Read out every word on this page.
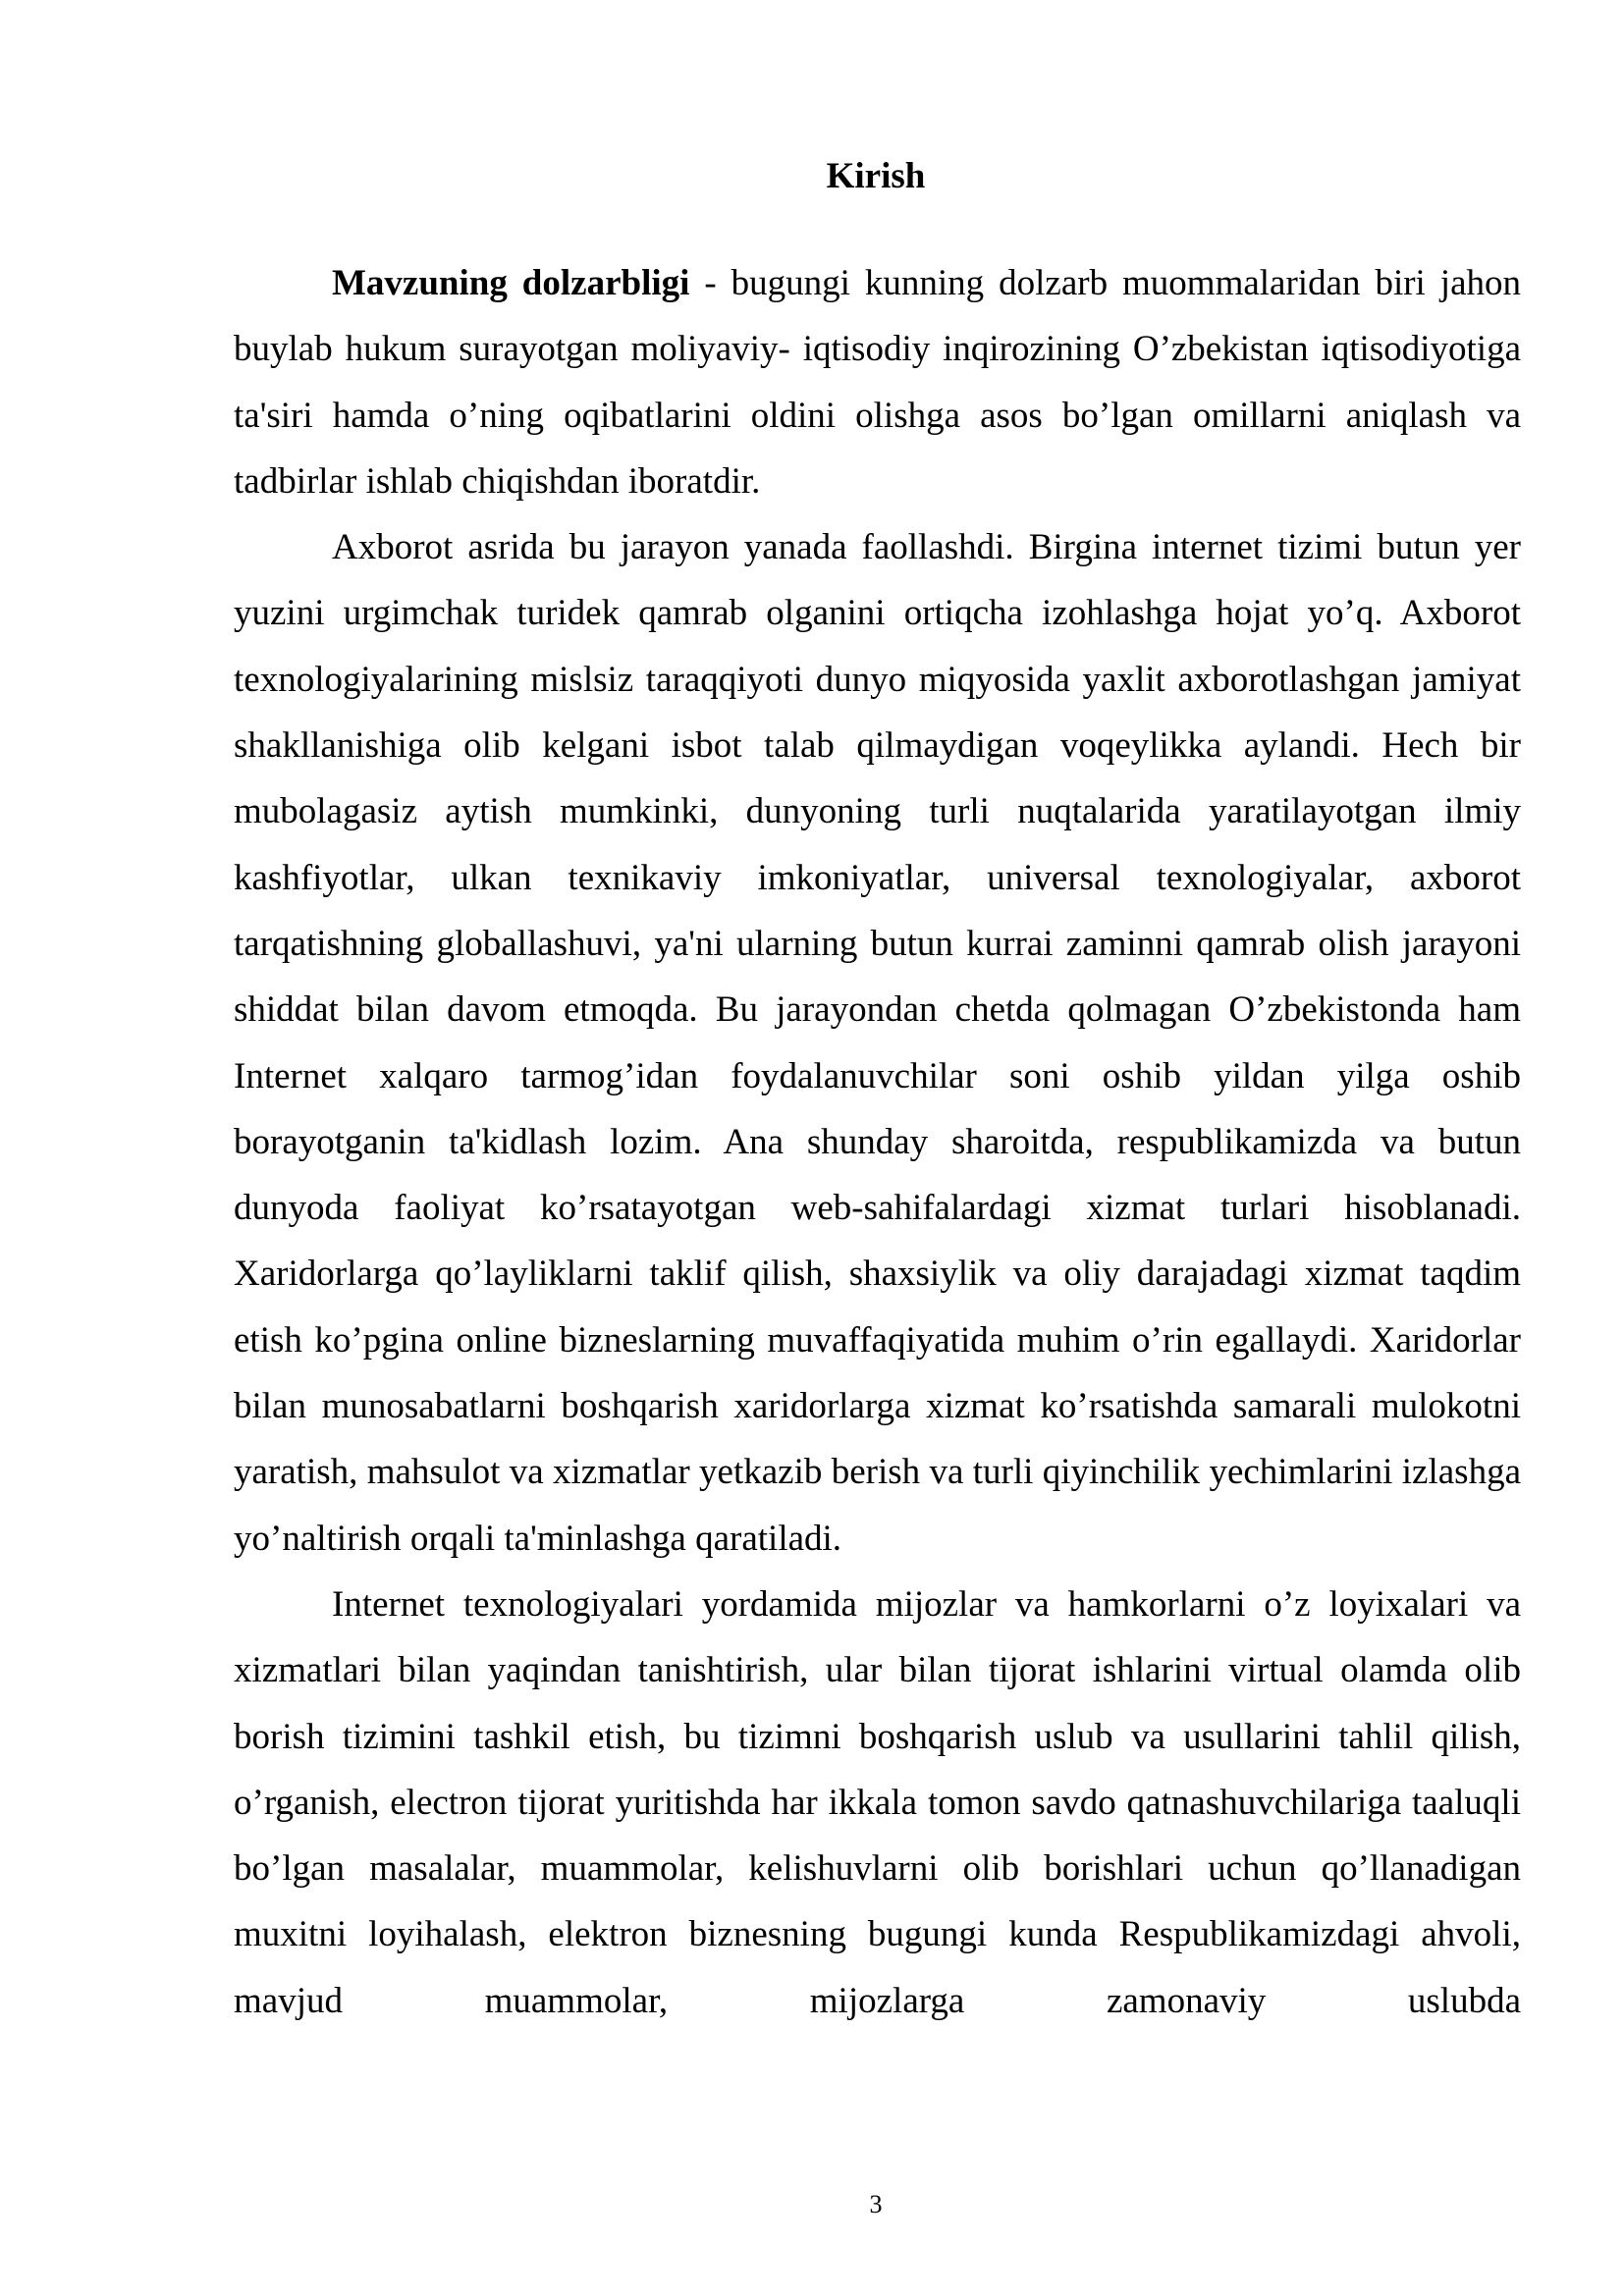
Kirish

Mavzuning dolzarbligi - bugungi kunning dolzarb muommalaridan biri jahon buylab hukum surayotgan moliyaviy- iqtisodiy inqirozining O’zbekistan iqtisodiyotiga ta'siri hamda o’ning oqibatlarini oldini olishga asos bo’lgan omillarni aniqlash va tadbirlar ishlab chiqishdan iboratdir.

Axborot asrida bu jarayon yanada faollashdi. Birgina internet tizimi butun yer yuzini urgimchak turidek qamrab olganini ortiqcha izohlashga hojat yo’q. Axborot texnologiyalarining mislsiz taraqqiyoti dunyo miqyosida yaxlit axborotlashgan jamiyat shakllanishiga olib kelgani isbot talab qilmaydigan voqeylikka aylandi. Hech bir mubolagasiz aytish mumkinki, dunyoning turli nuqtalarida yaratilayotgan ilmiy kashfiyotlar, ulkan texnikaviy imkoniyatlar, universal texnologiyalar, axborot tarqatishning globallashuvi, ya'ni ularning butun kurrai zaminni qamrab olish jarayoni shiddat bilan davom etmoqda. Bu jarayondan chetda qolmagan O’zbekistonda ham Internet xalqaro tarmog’idan foydalanuvchilar soni oshib yildan yilga oshib borayotganin ta'kidlash lozim. Ana shunday sharoitda, respublikamizda va butun dunyoda faoliyat ko’rsatayotgan web-sahifalardagi xizmat turlari hisoblanadi. Xaridorlarga qo’layliklarni taklif qilish, shaxsiylik va oliy darajadagi xizmat taqdim etish ko’pgina online bizneslarning muvaffaqiyatida muhim o’rin egallaydi. Xaridorlar bilan munosabatlarni boshqarish xaridorlarga xizmat ko’rsatishda samarali mulokotni yaratish, mahsulot va xizmatlar yetkazib berish va turli qiyinchilik yechimlarini izlashga yo’naltirish orqali ta'minlashga qaratiladi.

Internet texnologiyalari yordamida mijozlar va hamkorlarni o’z loyixalari va xizmatlari bilan yaqindan tanishtirish, ular bilan tijorat ishlarini virtual olamda olib borish tizimini tashkil etish, bu tizimni boshqarish uslub va usullarini tahlil qilish, o’rganish, electron tijorat yuritishda har ikkala tomon savdo qatnashuvchilariga taaluqli bo’lgan masalalar, muammolar, kelishuvlarni olib borishlari uchun qo’llanadigan muxitni loyihalash, elektron biznesning bugungi kunda Respublikamizdagi ahvoli, mavjud muammolar, mijozlarga zamonaviy uslubda

3
